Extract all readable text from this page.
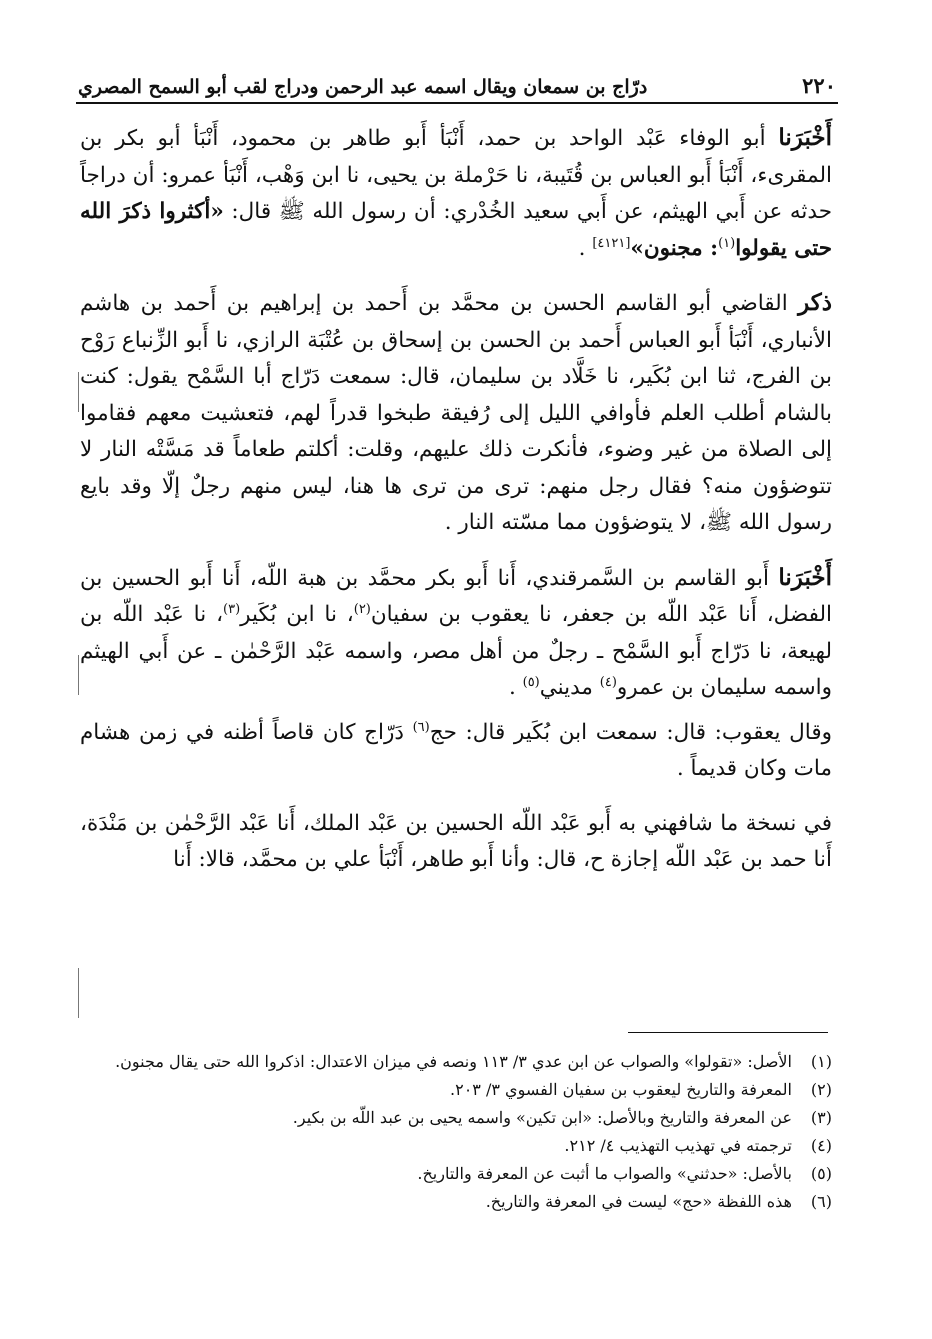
٢٢٠
درّاج بن سمعان ويقال اسمه عبد الرحمن ودراج لقب أبو السمح المصري

أَخْبَرَنا أبو الوفاء عَبْد الواحد بن حمد، أَنْبَأ أَبو طاهر بن محمود، أَنْبَأ أبو بكر بن المقرىء، أَنْبَأ أَبو العباس بن قُتَيبة، نا حَرْملة بن يحيى، نا ابن وَهْب، أَنْبَأ عمرو: أن دراجاً حدثه عن أَبي الهيثم، عن أَبي سعيد الخُدْري: أن رسول الله ﷺ قال: «أكثروا ذكرَ الله حتى يقولوا$^{(١)}$: مجنون»[٤١٢١] .

ذكر القاضي أبو القاسم الحسن بن محمَّد بن أَحمد بن إبراهيم بن أَحمد بن هاشم الأنباري، أَنْبَأ أَبو العباس أَحمد بن الحسن بن إسحاق بن عُتْبَة الرازي، نا أَبو الزِّنباع رَوْح بن الفرج، ثنا ابن بُكَير، نا خَلَّاد بن سليمان، قال: سمعت دَرّاج أبا السَّمْح يقول: كنت بالشام أطلب العلم فأوافي الليل إلى رُفيقة طبخوا قدراً لهم، فتعشيت معهم فقاموا إلى الصلاة من غير وضوء، فأنكرت ذلك عليهم، وقلت: أكلتم طعاماً قد مَسَّتْه النار لا تتوضؤون منه؟ فقال رجل منهم: ترى من ترى ها هنا، ليس منهم رجلٌ إلّا وقد بايع رسول الله ﷺ، لا يتوضؤون مما مسّته النار .

أَخْبَرَنا أَبو القاسم بن السَّمرقندي، أَنا أَبو بكر محمَّد بن هبة اللّه، أَنا أَبو الحسين بن الفضل، أَنا عَبْد اللّه بن جعفر، نا يعقوب بن سفيان$^{(٢)}$، نا ابن بُكَير$^{(٣)}$، نا عَبْد اللّه بن لهيعة، نا دَرّاج أَبو السَّمْح ـ رجلٌ من أهل مصر، واسمه عَبْد الرَّحْمٰن ـ عن أَبي الهيثم واسمه سليمان بن عمرو$^{(٤)}$ مديني$^{(٥)}$ .

وقال يعقوب: قال: سمعت ابن بُكَير قال: حج$^{(٦)}$ دَرّاج كان قاصاً أظنه في زمن هشام مات وكان قديماً .

في نسخة ما شافهني به أَبو عَبْد اللّه الحسين بن عَبْد الملك، أَنا عَبْد الرَّحْمٰن بن مَنْدَة، أَنا حمد بن عَبْد اللّه إجازة ح، قال: وأنا أَبو طاهر، أَنْبَأ علي بن محمَّد، قالا: أَنا

(١)
الأصل: «تقولوا» والصواب عن ابن عدي ٣/ ١١٣ ونصه في ميزان الاعتدال: اذكروا الله حتى يقال مجنون.
(٢)
المعرفة والتاريخ ليعقوب بن سفيان الفسوي ٣/ ٢٠٣.
(٣)
عن المعرفة والتاريخ وبالأصل: «ابن تكين» واسمه يحيى بن عبد اللّه بن بكير.
(٤)
ترجمته في تهذيب التهذيب ٤/ ٢١٢.
(٥)
بالأصل: «حدثني» والصواب ما أثبت عن المعرفة والتاريخ.
(٦)
هذه اللفظة «حج» ليست في المعرفة والتاريخ.
